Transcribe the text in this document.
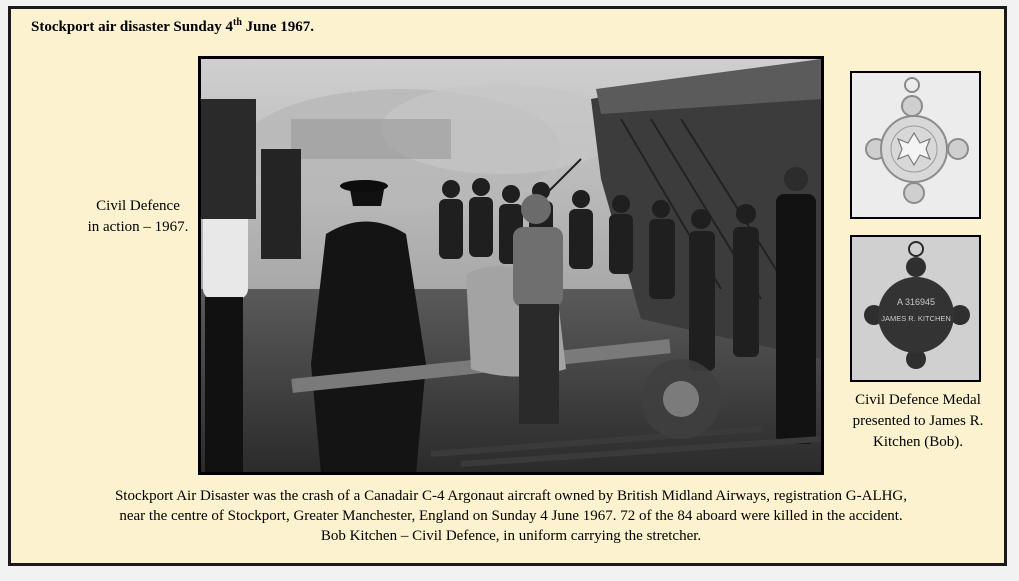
Stockport air disaster Sunday 4th June 1967.
Civil Defence
in action – 1967.
A 316945
JAMES R. KITCHEN
Civil Defence Medal
presented to James R.
Kitchen (Bob).
Stockport Air Disaster was the crash of a Canadair C-4 Argonaut aircraft owned by British Midland Airways, registration G-ALHG,
near the centre of Stockport, Greater Manchester, England on Sunday 4 June 1967. 72 of the 84 aboard were killed in the accident.
Bob Kitchen – Civil Defence, in uniform carrying the stretcher.
